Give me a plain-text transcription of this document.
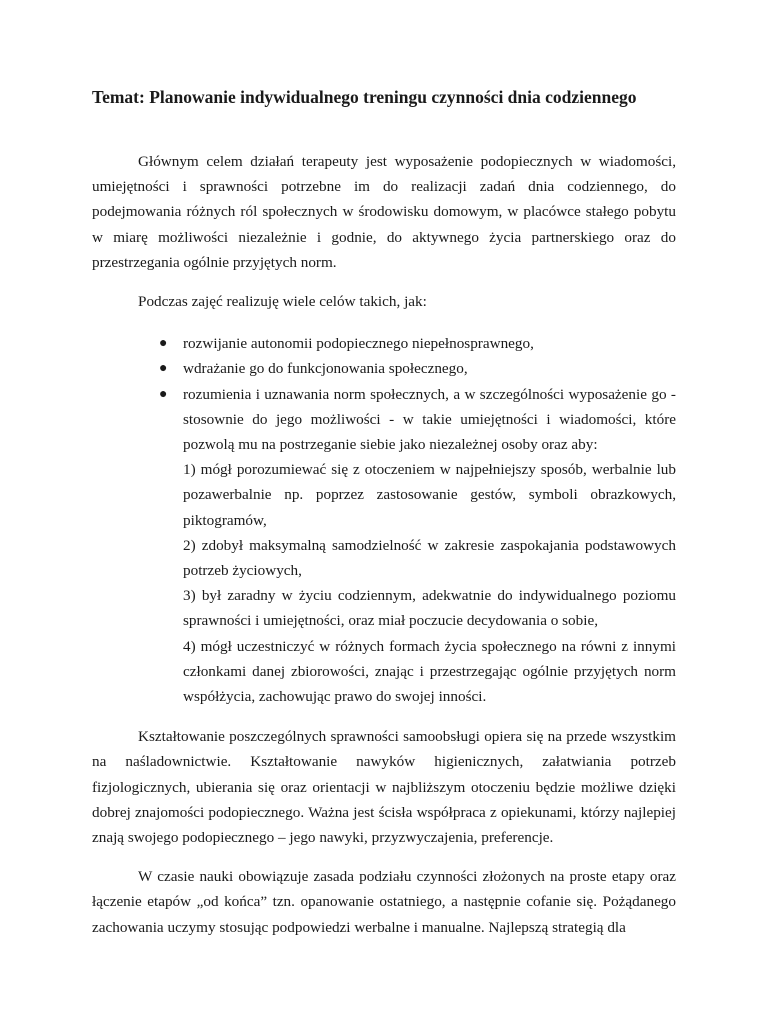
Temat: Planowanie indywidualnego treningu czynności dnia codziennego

Głównym celem działań terapeuty jest wyposażenie podopiecznych w wiadomości, umiejętności i sprawności potrzebne im do realizacji zadań dnia codziennego, do podejmowania różnych ról społecznych w środowisku domowym, w placówce stałego pobytu w miarę możliwości niezależnie i godnie, do aktywnego życia partnerskiego oraz do przestrzegania ogólnie przyjętych norm.

Podczas zajęć realizuję wiele celów takich, jak:

● rozwijanie autonomii podopiecznego niepełnosprawnego,
● wdrażanie go do funkcjonowania społecznego,
● rozumienia i uznawania norm społecznych, a w szczególności wyposażenie go - stosownie do jego możliwości - w takie umiejętności i wiadomości, które pozwolą mu na postrzeganie siebie jako niezależnej osoby oraz aby:
1) mógł porozumiewać się z otoczeniem w najpełniejszy sposób, werbalnie lub pozawerbalnie np. poprzez zastosowanie gestów, symboli obrazkowych, piktogramów,
2) zdobył maksymalną samodzielność w zakresie zaspokajania podstawowych potrzeb życiowych,
3) był zaradny w życiu codziennym, adekwatnie do indywidualnego poziomu sprawności i umiejętności, oraz miał poczucie decydowania o sobie,
4) mógł uczestniczyć w różnych formach życia społecznego na równi z innymi członkami danej zbiorowości, znając i przestrzegając ogólnie przyjętych norm współżycia, zachowując prawo do swojej inności.

Kształtowanie poszczególnych sprawności samoobsługi opiera się na przede wszystkim na naśladownictwie. Kształtowanie nawyków higienicznych, załatwiania potrzeb fizjologicznych, ubierania się oraz orientacji w najbliższym otoczeniu będzie możliwe dzięki dobrej znajomości podopiecznego. Ważna jest ścisła współpraca z opiekunami, którzy najlepiej znają swojego podopiecznego – jego nawyki, przyzwyczajenia, preferencje.

W czasie nauki obowiązuje zasada podziału czynności złożonych na proste etapy oraz łączenie etapów „od końca” tzn. opanowanie ostatniego, a następnie cofanie się. Pożądanego zachowania uczymy stosując podpowiedzi werbalne i manualne. Najlepszą strategią dla
